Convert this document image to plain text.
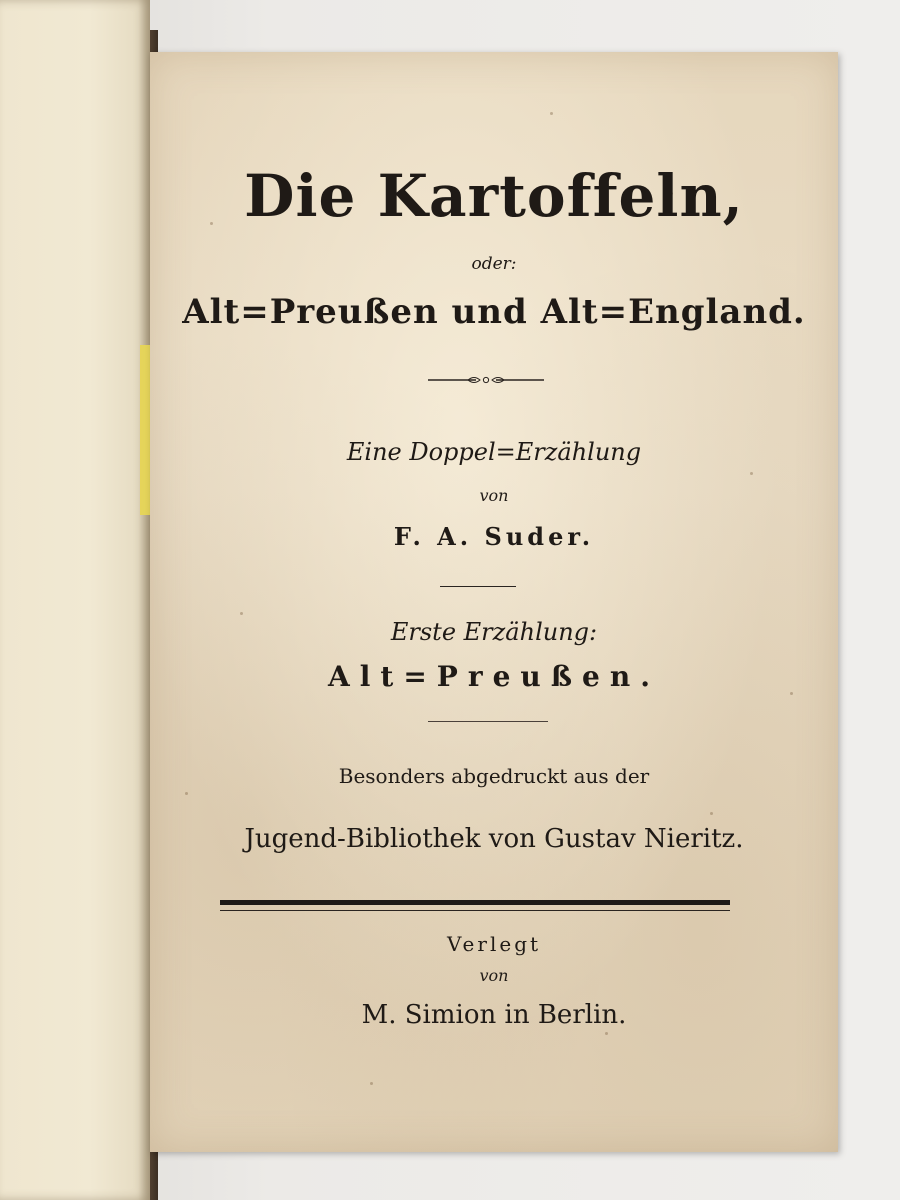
Die Kartoffeln,
oder:
Alt=Preußen und Alt=England.
Eine Doppel=Erzählung
von
F. A. Suder.
Erste Erzählung:
Alt=Preußen.
Besonders abgedruckt aus der
Jugend-Bibliothek von Gustav Nieritz.
Verlegt
von
M. Simion in Berlin.
